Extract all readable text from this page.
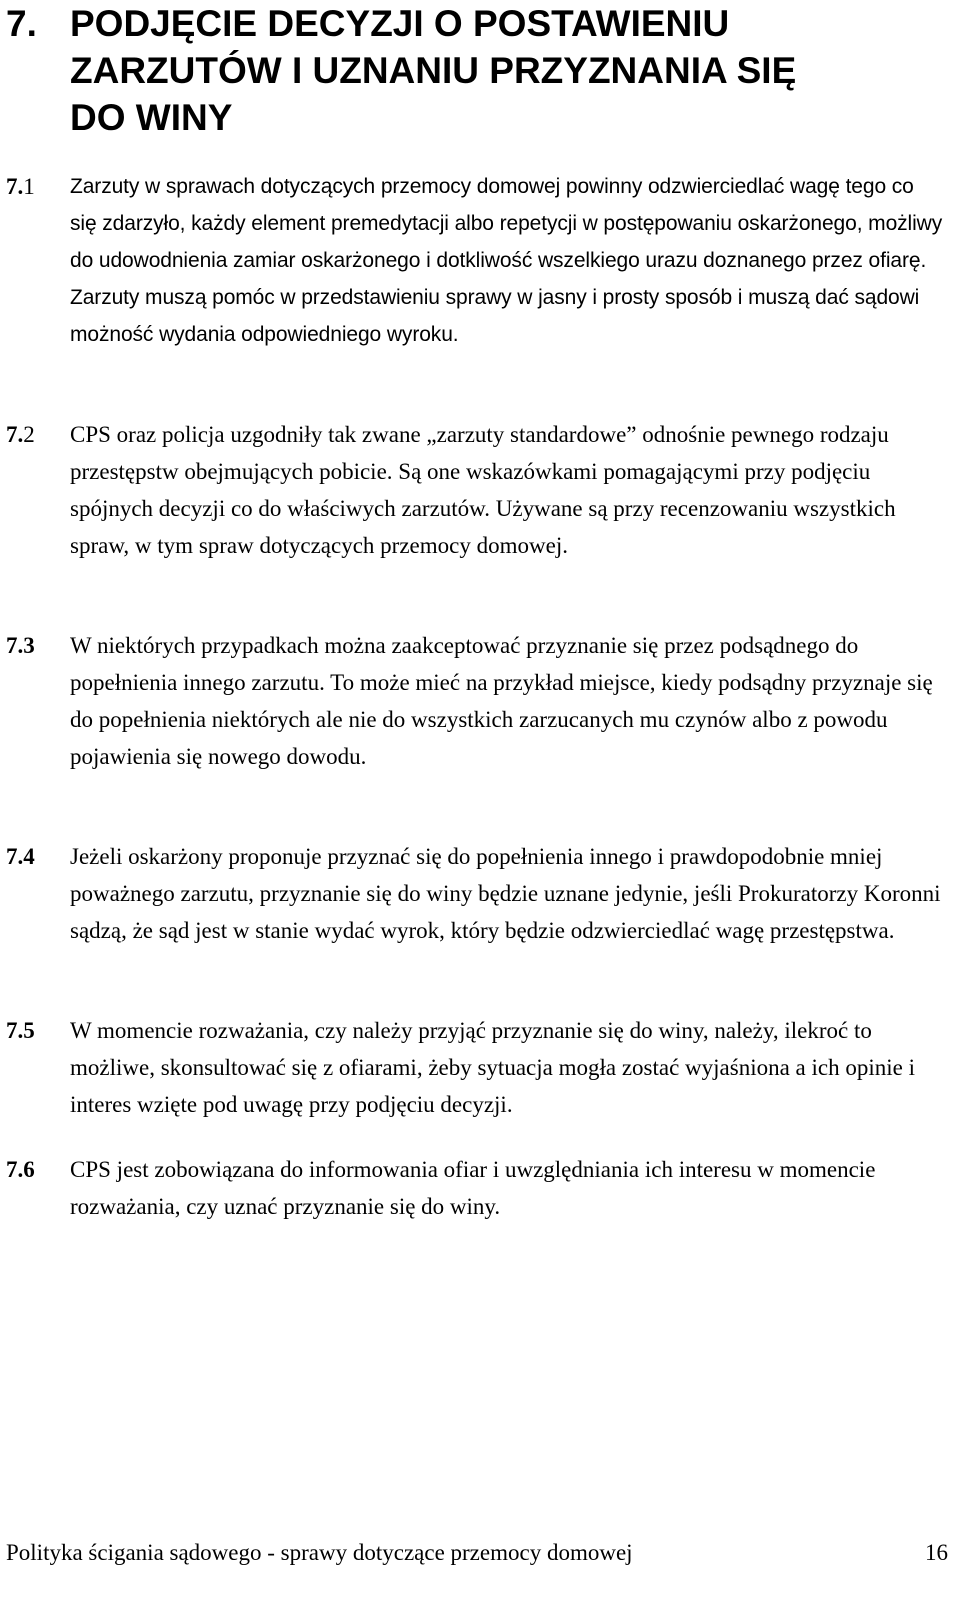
7. PODJĘCIE DECYZJI O POSTAWIENIU
ZARZUTÓW I UZNANIU PRZYZNANIA SIĘ
DO WINY
7.1 Zarzuty w sprawach dotyczących przemocy domowej powinny odzwierciedlać wagę tego co się zdarzyło, każdy element premedytacji albo repetycji w postępowaniu oskarżonego, możliwy do udowodnienia zamiar oskarżonego i dotkliwość wszelkiego urazu doznanego przez ofiarę. Zarzuty muszą pomóc w przedstawieniu sprawy w jasny i prosty sposób i muszą dać sądowi możność wydania odpowiedniego wyroku.
7.2 CPS oraz policja uzgodniły tak zwane „zarzuty standardowe” odnośnie pewnego rodzaju przestępstw obejmujących pobicie. Są one wskazówkami pomagającymi przy podjęciu spójnych decyzji co do właściwych zarzutów. Używane są przy recenzowaniu wszystkich spraw, w tym spraw dotyczących przemocy domowej.
7.3 W niektórych przypadkach można zaakceptować przyznanie się przez podsądnego do popełnienia innego zarzutu. To może mieć na przykład miejsce, kiedy podsądny przyznaje się do popełnienia niektórych ale nie do wszystkich zarzucanych mu czynów albo z powodu pojawienia się nowego dowodu.
7.4 Jeżeli oskarżony proponuje przyznać się do popełnienia innego i prawdopodobnie mniej poważnego zarzutu, przyznanie się do winy będzie uznane jedynie, jeśli Prokuratorzy Koronni sądzą, że sąd jest w stanie wydać wyrok, który będzie odzwierciedlać wagę przestępstwa.
7.5 W momencie rozważania, czy należy przyjąć przyznanie się do winy, należy, ilekroć to możliwe, skonsultować się z ofiarami, żeby sytuacja mogła zostać wyjaśniona a ich opinie i interes wzięte pod uwagę przy podjęciu decyzji.
7.6 CPS jest zobowiązana do informowania ofiar i uwzględniania ich interesu w momencie rozważania, czy uznać przyznanie się do winy.
Polityka ścigania sądowego - sprawy dotyczące przemocy domowej	16
